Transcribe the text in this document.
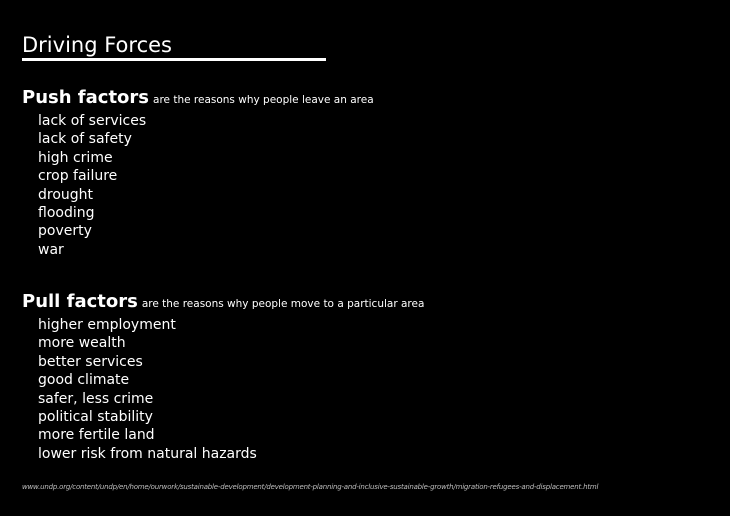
Driving Forces
Push factors are the reasons why people leave an area
lack of services
lack of safety
high crime
crop failure
drought
flooding
poverty
war
Pull factors are the reasons why people move to a particular area
higher employment
more wealth
better services
good climate
safer, less crime
political stability
more fertile land
lower risk from natural hazards
www.undp.org/content/undp/en/home/ourwork/sustainable-development/development-planning-and-inclusive-sustainable-growth/migration-refugees-and-displacement.html
